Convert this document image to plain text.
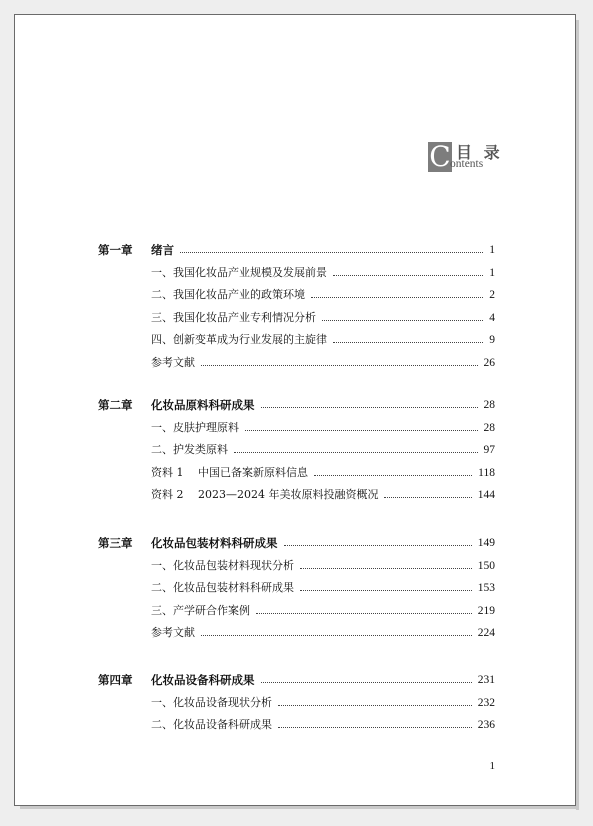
C 目 录
ontents
第一章 绪言	1
一、我国化妆品产业规模及发展前景	1
二、我国化妆品产业的政策环境	2
三、我国化妆品产业专利情况分析	4
四、创新变革成为行业发展的主旋律	9
参考文献	26
第二章 化妆品原料科研成果	28
一、皮肤护理原料	28
二、护发类原料	97
资料 1 中国已备案新原料信息	118
资料 2 2023—2024 年美妆原料投融资概况	144
第三章 化妆品包装材料科研成果	149
一、化妆品包装材料现状分析	150
二、化妆品包装材料科研成果	153
三、产学研合作案例	219
参考文献	224
第四章 化妆品设备科研成果	231
一、化妆品设备现状分析	232
二、化妆品设备科研成果	236
1
